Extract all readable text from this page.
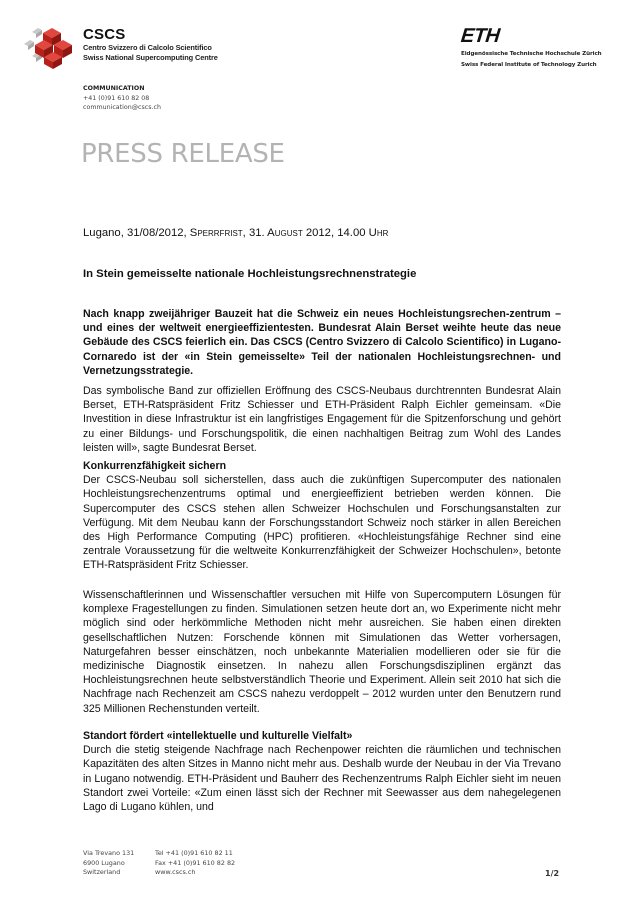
CSCS
Centro Svizzero di Calcolo Scientifico
Swiss National Supercomputing Centre
COMMUNICATION
+41 (0)91 610 82 08
communication@cscs.ch
ETH
Eidgenössische Technische Hochschule Zürich
Swiss Federal Institute of Technology Zurich
PRESS RELEASE
Lugano, 31/08/2012, Sperrfrist, 31. August 2012, 14.00 Uhr
In Stein gemeisselte nationale Hochleistungsrechnenstrategie

Nach knapp zweijähriger Bauzeit hat die Schweiz ein neues Hochleistungsrechen-zentrum – und eines der weltweit energieeffizientesten. Bundesrat Alain Berset weihte heute das neue Gebäude des CSCS feierlich ein. Das CSCS (Centro Svizzero di Calcolo Scientifico) in Lugano-Cornaredo ist der «in Stein gemeisselte» Teil der nationalen Hochleistungsrechnen- und Vernetzungsstrategie.

Das symbolische Band zur offiziellen Eröffnung des CSCS-Neubaus durchtrennten Bundesrat Alain Berset, ETH-Ratspräsident Fritz Schiesser und ETH-Präsident Ralph Eichler gemeinsam. «Die Investition in diese Infrastruktur ist ein langfristiges Engagement für die Spitzenforschung und gehört zu einer Bildungs- und Forschungspolitik, die einen nachhaltigen Beitrag zum Wohl des Landes leisten will», sagte Bundesrat Berset.

Konkurrenzfähigkeit sichern

Der CSCS-Neubau soll sicherstellen, dass auch die zukünftigen Supercomputer des nationalen Hochleistungsrechenzentrums optimal und energieeffizient betrieben werden können. Die Supercomputer des CSCS stehen allen Schweizer Hochschulen und Forschungsanstalten zur Verfügung. Mit dem Neubau kann der Forschungsstandort Schweiz noch stärker in allen Bereichen des High Performance Computing (HPC) profitieren. «Hochleistungsfähige Rechner sind eine zentrale Voraussetzung für die weltweite Konkurrenzfähigkeit der Schweizer Hochschulen», betonte ETH-Ratspräsident Fritz Schiesser.

Wissenschaftlerinnen und Wissenschaftler versuchen mit Hilfe von Supercomputern Lösungen für komplexe Fragestellungen zu finden. Simulationen setzen heute dort an, wo Experimente nicht mehr möglich sind oder herkömmliche Methoden nicht mehr ausreichen. Sie haben einen direkten gesellschaftlichen Nutzen: Forschende können mit Simulationen das Wetter vorhersagen, Naturgefahren besser einschätzen, noch unbekannte Materialien modellieren oder sie für die medizinische Diagnostik einsetzen. In nahezu allen Forschungsdisziplinen ergänzt das Hochleistungsrechnen heute selbstverständlich Theorie und Experiment. Allein seit 2010 hat sich die Nachfrage nach Rechenzeit am CSCS nahezu verdoppelt – 2012 wurden unter den Benutzern rund 325 Millionen Rechenstunden verteilt.

Standort fördert «intellektuelle und kulturelle Vielfalt»

Durch die stetig steigende Nachfrage nach Rechenpower reichten die räumlichen und technischen Kapazitäten des alten Sitzes in Manno nicht mehr aus. Deshalb wurde der Neubau in der Via Trevano in Lugano notwendig. ETH-Präsident und Bauherr des Rechenzentrums Ralph Eichler sieht im neuen Standort zwei Vorteile: «Zum einen lässt sich der Rechner mit Seewasser aus dem nahegelegenen Lago di Lugano kühlen, und

Via Trevano 131
6900 Lugano
Switzerland
Tel +41 (0)91 610 82 11
Fax +41 (0)91 610 82 82
www.cscs.ch	1/2
